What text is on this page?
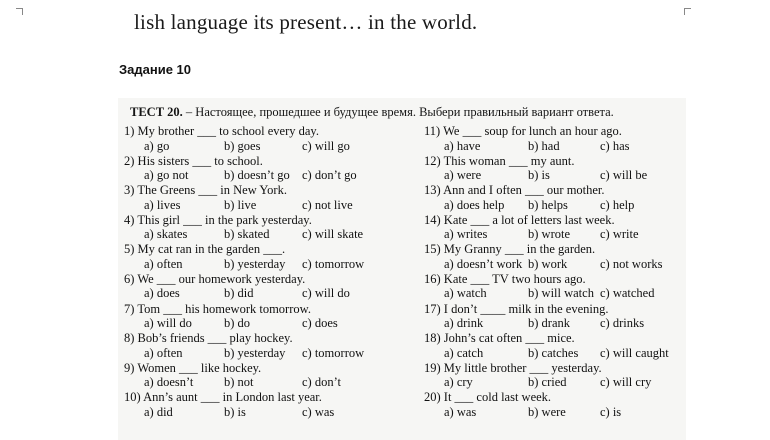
lish language its present… in the world.
Задание 10
ТЕСТ 20. – Настоящее, прошедшее и будущее время. Выбери правильный вариант ответа.
1) My brother ___ to school every day.
a) go	b) goes	c) will go
2) His sisters ___ to school.
a) go not	b) doesn’t go c) don’t go
3) The Greens ___ in New York.
a) lives	b) live	c) not live
4) This girl ___ in the park yesterday.
a) skates	b) skated	c) will skate
5) My cat ran in the garden ___.
a) often	b) yesterday c) tomorrow
6) We ___ our homework yesterday.
a) does	b) did	c) will do
7) Tom ___ his homework tomorrow.
a) will do	b) do	c) does
8) Bob’s friends ___ play hockey.
a) often	b) yesterday c) tomorrow
9) Women ___ like hockey.
a) doesn’t b) not	c) don’t
10) Ann’s aunt ___ in London last year.
a) did	b) is	c) was
11) We ___ soup for lunch an hour ago.
a) have	b) had	c) has
12) This woman ___ my aunt.
a) were	b) is	c) will be
13) Ann and I often ___ our mother.
a) does help b) helps	c) help
14) Kate ___ a lot of letters last week.
a) writes	b) wrote c) write
15) My Granny ___ in the garden.
a) doesn’t work b) work	c) not works
16) Kate ___ TV two hours ago.
a) watch	b) will watch c) watched
17) I don’t ____ milk in the evening.
a) drink	b) drank c) drinks
18) John’s cat often ___ mice.
a) catch	b) catches c) will caught
19) My little brother ___ yesterday.
a) cry	b) cried	c) will cry
20) It ___ cold last week.
a) was	b) were	c) is
